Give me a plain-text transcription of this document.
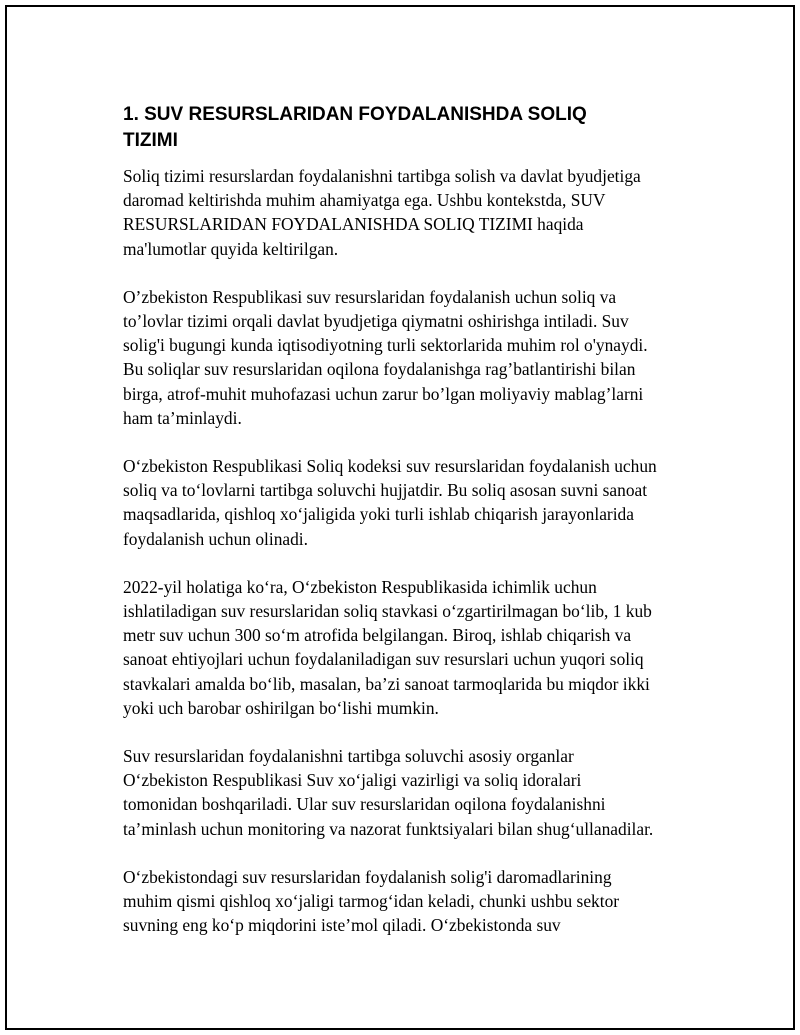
1. SUV RESURSLARIDAN FOYDALANISHDA SOLIQ
TIZIMI

Soliq tizimi resurslardan foydalanishni tartibga solish va davlat byudjetiga
daromad keltirishda muhim ahamiyatga ega. Ushbu kontekstda, SUV
RESURSLARIDAN FOYDALANISHDA SOLIQ TIZIMI haqida
ma'lumotlar quyida keltirilgan.

O’zbekiston Respublikasi suv resurslaridan foydalanish uchun soliq va
to’lovlar tizimi orqali davlat byudjetiga qiymatni oshirishga intiladi. Suv
solig'i bugungi kunda iqtisodiyotning turli sektorlarida muhim rol o'ynaydi.
Bu soliqlar suv resurslaridan oqilona foydalanishga rag’batlantirishi bilan
birga, atrof-muhit muhofazasi uchun zarur bo’lgan moliyaviy mablag’larni
ham ta’minlaydi.

O‘zbekiston Respublikasi Soliq kodeksi suv resurslaridan foydalanish uchun
soliq va to‘lovlarni tartibga soluvchi hujjatdir. Bu soliq asosan suvni sanoat
maqsadlarida, qishloq xo‘jaligida yoki turli ishlab chiqarish jarayonlarida
foydalanish uchun olinadi.

2022-yil holatiga ko‘ra, O‘zbekiston Respublikasida ichimlik uchun
ishlatiladigan suv resurslaridan soliq stavkasi o‘zgartirilmagan bo‘lib, 1 kub
metr suv uchun 300 so‘m atrofida belgilangan. Biroq, ishlab chiqarish va
sanoat ehtiyojlari uchun foydalaniladigan suv resurslari uchun yuqori soliq
stavkalari amalda bo‘lib, masalan, ba’zi sanoat tarmoqlarida bu miqdor ikki
yoki uch barobar oshirilgan bo‘lishi mumkin.

Suv resurslaridan foydalanishni tartibga soluvchi asosiy organlar
O‘zbekiston Respublikasi Suv xo‘jaligi vazirligi va soliq idoralari
tomonidan boshqariladi. Ular suv resurslaridan oqilona foydalanishni
ta’minlash uchun monitoring va nazorat funktsiyalari bilan shug‘ullanadilar.

O‘zbekistondagi suv resurslaridan foydalanish solig'i daromadlarining
muhim qismi qishloq xo‘jaligi tarmog‘idan keladi, chunki ushbu sektor
suvning eng ko‘p miqdorini iste’mol qiladi. O‘zbekistonda suv
